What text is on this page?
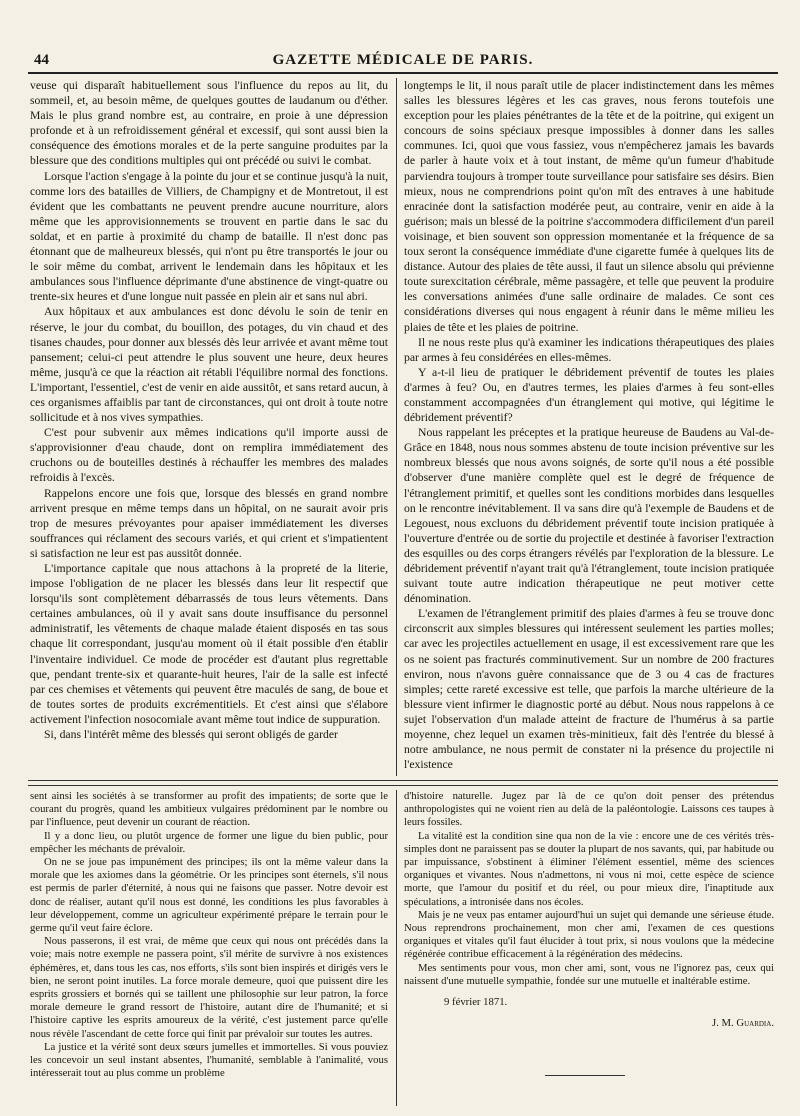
44	GAZETTE MÉDICALE DE PARIS.

veuse qui disparaît habituellement sous l'influence du repos au lit, du sommeil, et, au besoin même, de quelques gouttes de laudanum ou d'éther. Mais le plus grand nombre est, au contraire, en proie à une dépression profonde et à un refroidissement général et excessif, qui sont aussi bien la conséquence des émotions morales et de la perte sanguine produites par la blessure que des conditions multiples qui ont précédé ou suivi le combat.

Lorsque l'action s'engage à la pointe du jour et se continue jusqu'à la nuit, comme lors des batailles de Villiers, de Champigny et de Montretout, il est évident que les combattants ne peuvent prendre aucune nourriture, alors même que les approvisionnements se trouvent en partie dans le sac du soldat, et en partie à proximité du champ de bataille. Il n'est donc pas étonnant que de malheureux blessés, qui n'ont pu être transportés le jour ou le soir même du combat, arrivent le lendemain dans les hôpitaux et les ambulances sous l'influence déprimante d'une abstinence de vingt-quatre ou trente-six heures et d'une longue nuit passée en plein air et sans nul abri.

Aux hôpitaux et aux ambulances est donc dévolu le soin de tenir en réserve, le jour du combat, du bouillon, des potages, du vin chaud et des tisanes chaudes, pour donner aux blessés dès leur arrivée et avant même tout pansement; celui-ci peut attendre le plus souvent une heure, deux heures même, jusqu'à ce que la réaction ait rétabli l'équilibre normal des fonctions. L'important, l'essentiel, c'est de venir en aide aussitôt, et sans retard aucun, à ces organismes affaiblis par tant de circonstances, qui ont droit à toute notre sollicitude et à nos vives sympathies.

C'est pour subvenir aux mêmes indications qu'il importe aussi de s'approvisionner d'eau chaude, dont on remplira immédiatement des cruchons ou de bouteilles destinés à réchauffer les membres des malades refroidis à l'excès.

Rappelons encore une fois que, lorsque des blessés en grand nombre arrivent presque en même temps dans un hôpital, on ne saurait avoir pris trop de mesures prévoyantes pour apaiser immédiatement les diverses souffrances qui réclament des secours variés, et qui crient et s'impatientent si satisfaction ne leur est pas aussitôt donnée.

L'importance capitale que nous attachons à la propreté de la literie, impose l'obligation de ne placer les blessés dans leur lit respectif que lorsqu'ils sont complètement débarrassés de tous leurs vêtements. Dans certaines ambulances, où il y avait sans doute insuffisance du personnel administratif, les vêtements de chaque malade étaient disposés en tas sous chaque lit correspondant, jusqu'au moment où il était possible d'en établir l'inventaire individuel. Ce mode de procéder est d'autant plus regrettable que, pendant trente-six et quarante-huit heures, l'air de la salle est infecté par ces chemises et vêtements qui peuvent être maculés de sang, de boue et de toutes sortes de produits excrémentitiels. Et c'est ainsi que s'élabore activement l'infection nosocomiale avant même tout indice de suppuration.

Si, dans l'intérêt même des blessés qui seront obligés de garder

longtemps le lit, il nous paraît utile de placer indistinctement dans les mêmes salles les blessures légères et les cas graves, nous ferons toutefois une exception pour les plaies pénétrantes de la tête et de la poitrine, qui exigent un concours de soins spéciaux presque impossibles à donner dans les salles communes. Ici, quoi que vous fassiez, vous n'empêcherez jamais les bavards de parler à haute voix et à tout instant, de même qu'un fumeur d'habitude parviendra toujours à tromper toute surveillance pour satisfaire ses désirs. Bien mieux, nous ne comprendrions point qu'on mît des entraves à une habitude enracinée dont la satisfaction modérée peut, au contraire, venir en aide à la guérison; mais un blessé de la poitrine s'accommodera difficilement d'un pareil voisinage, et bien souvent son oppression momentanée et la fréquence de sa toux seront la conséquence immédiate d'une cigarette fumée à quelques lits de distance. Autour des plaies de tête aussi, il faut un silence absolu qui prévienne toute surexcitation cérébrale, même passagère, et telle que peuvent la produire les conversations animées d'une salle ordinaire de malades. Ce sont ces considérations diverses qui nous engagent à réunir dans le même milieu les plaies de tête et les plaies de poitrine.

Il ne nous reste plus qu'à examiner les indications thérapeutiques des plaies par armes à feu considérées en elles-mêmes.

Y a-t-il lieu de pratiquer le débridement préventif de toutes les plaies d'armes à feu? Ou, en d'autres termes, les plaies d'armes à feu sont-elles constamment accompagnées d'un étranglement qui motive, qui légitime le débridement préventif?

Nous rappelant les préceptes et la pratique heureuse de Baudens au Val-de-Grâce en 1848, nous nous sommes abstenu de toute incision préventive sur les nombreux blessés que nous avons soignés, de sorte qu'il nous a été possible d'observer d'une manière complète quel est le degré de fréquence de l'étranglement primitif, et quelles sont les conditions morbides dans lesquelles on le rencontre inévitablement. Il va sans dire qu'à l'exemple de Baudens et de Legouest, nous excluons du débridement préventif toute incision pratiquée à l'ouverture d'entrée ou de sortie du projectile et destinée à favoriser l'extraction des esquilles ou des corps étrangers révélés par l'exploration de la blessure. Le débridement préventif n'ayant trait qu'à l'étranglement, toute incision pratiquée suivant toute autre indication thérapeutique ne peut motiver cette dénomination.

L'examen de l'étranglement primitif des plaies d'armes à feu se trouve donc circonscrit aux simples blessures qui intéressent seulement les parties molles; car avec les projectiles actuellement en usage, il est excessivement rare que les os ne soient pas fracturés comminutivement. Sur un nombre de 200 fractures environ, nous n'avons guère connaissance que de 3 ou 4 cas de fractures simples; cette rareté excessive est telle, que parfois la marche ultérieure de la blessure vient infirmer le diagnostic porté au début. Nous nous rappelons à ce sujet l'observation d'un malade atteint de fracture de l'humérus à sa partie moyenne, chez lequel un examen très-minitieux, fait dès l'entrée du blessé à notre ambulance, ne nous permit de constater ni la présence du projectile ni l'existence

sent ainsi les sociétés à se transformer au profit des impatients; de sorte que le courant du progrès, quand les ambitieux vulgaires prédominent par le nombre ou par l'influence, peut devenir un courant de réaction.

Il y a donc lieu, ou plutôt urgence de former une ligue du bien public, pour empêcher les méchants de prévaloir.

On ne se joue pas impunément des principes; ils ont la même valeur dans la morale que les axiomes dans la géométrie. Or les principes sont éternels, s'il nous est permis de parler d'éternité, à nous qui ne faisons que passer. Notre devoir est donc de réaliser, autant qu'il nous est donné, les conditions les plus favorables à leur développement, comme un agriculteur expérimenté prépare le terrain pour le germe qu'il veut faire éclore.

Nous passerons, il est vrai, de même que ceux qui nous ont précédés dans la voie; mais notre exemple ne passera point, s'il mérite de survivre à nos existences éphémères, et, dans tous les cas, nos efforts, s'ils sont bien inspirés et dirigés vers le bien, ne seront point inutiles. La force morale demeure, quoi que puissent dire les esprits grossiers et bornés qui se taillent une philosophie sur leur patron, la force morale demeure le grand ressort de l'histoire, autant dire de l'humanité; et si l'histoire captive les esprits amoureux de la vérité, c'est justement parce qu'elle nous révèle l'ascendant de cette force qui finit par prévaloir sur toutes les autres.

La justice et la vérité sont deux sœurs jumelles et immortelles. Si vous pouviez les concevoir un seul instant absentes, l'humanité, semblable à l'animalité, vous intéresserait tout au plus comme un problème

d'histoire naturelle. Jugez par là de ce qu'on doit penser des prétendus anthropologistes qui ne voient rien au delà de la paléontologie. Laissons ces taupes à leurs fossiles.

La vitalité est la condition sine qua non de la vie : encore une de ces vérités très-simples dont ne paraissent pas se douter la plupart de nos savants, qui, par habitude ou par impuissance, s'obstinent à éliminer l'élément essentiel, même des sciences organiques et vivantes. Nous n'admettons, ni vous ni moi, cette espèce de science morte, que l'amour du positif et du réel, ou pour mieux dire, l'inaptitude aux spéculations, a intronisée dans nos écoles.

Mais je ne veux pas entamer aujourd'hui un sujet qui demande une sérieuse étude. Nous reprendrons prochainement, mon cher ami, l'examen de ces questions organiques et vitales qu'il faut élucider à tout prix, si nous voulons que la médecine régénérée contribue efficacement à la régénération des médecins.

Mes sentiments pour vous, mon cher ami, sont, vous ne l'ignorez pas, ceux qui naissent d'une mutuelle sympathie, fondée sur une mutuelle et inaltérable estime.

9 février 1871.

J. M. Guardia.
